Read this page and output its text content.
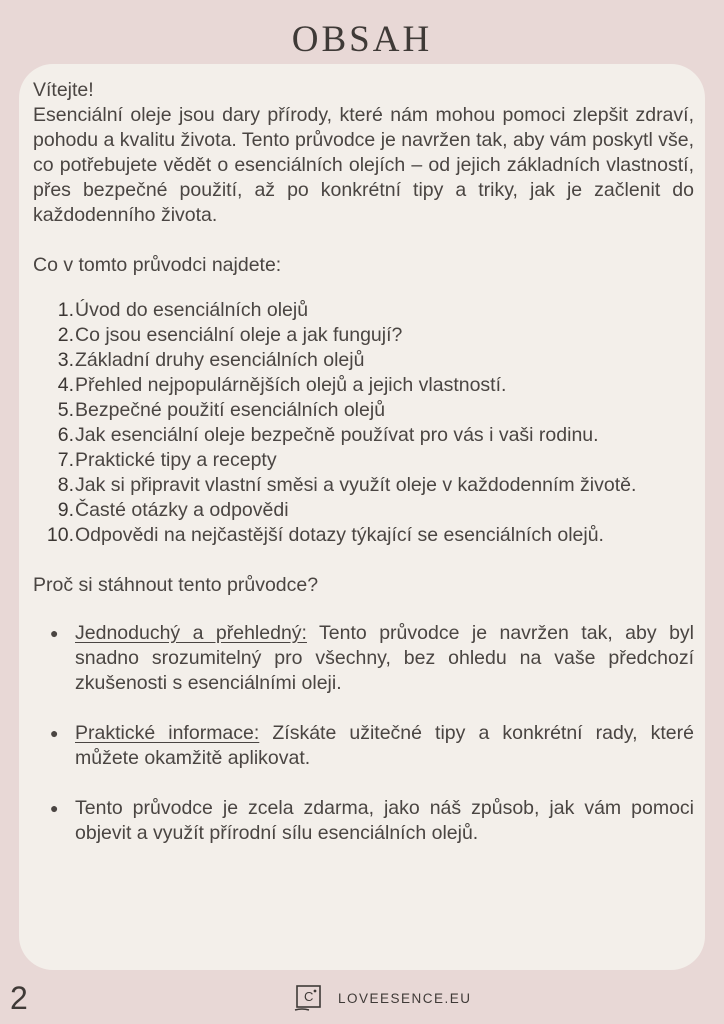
OBSAH

Vítejte!

Esenciální oleje jsou dary přírody, které nám mohou pomoci zlepšit zdraví, pohodu a kvalitu života. Tento průvodce je navržen tak, aby vám poskytl vše, co potřebujete vědět o esenciálních olejích – od jejich základních vlastností, přes bezpečné použití, až po konkrétní tipy a triky, jak je začlenit do každodenního života.

Co v tomto průvodci najdete:

1. Úvod do esenciálních olejů
2. Co jsou esenciální oleje a jak fungují?
3. Základní druhy esenciálních olejů
4. Přehled nejpopulárnějších olejů a jejich vlastností.
5. Bezpečné použití esenciálních olejů
6. Jak esenciální oleje bezpečně používat pro vás i vaši rodinu.
7. Praktické tipy a recepty
8. Jak si připravit vlastní směsi a využít oleje v každodenním životě.
9. Časté otázky a odpovědi
10. Odpovědi na nejčastější dotazy týkající se esenciálních olejů.

Proč si stáhnout tento průvodce?

● Jednoduchý a přehledný: Tento průvodce je navržen tak, aby byl snadno srozumitelný pro všechny, bez ohledu na vaše předchozí zkušenosti s esenciálními oleji.
● Praktické informace: Získáte užitečné tipy a konkrétní rady, které můžete okamžitě aplikovat.
● Tento průvodce je zcela zdarma, jako náš způsob, jak vám pomoci objevit a využít přírodní sílu esenciálních olejů.
2	C LOVEESENCE.EU
